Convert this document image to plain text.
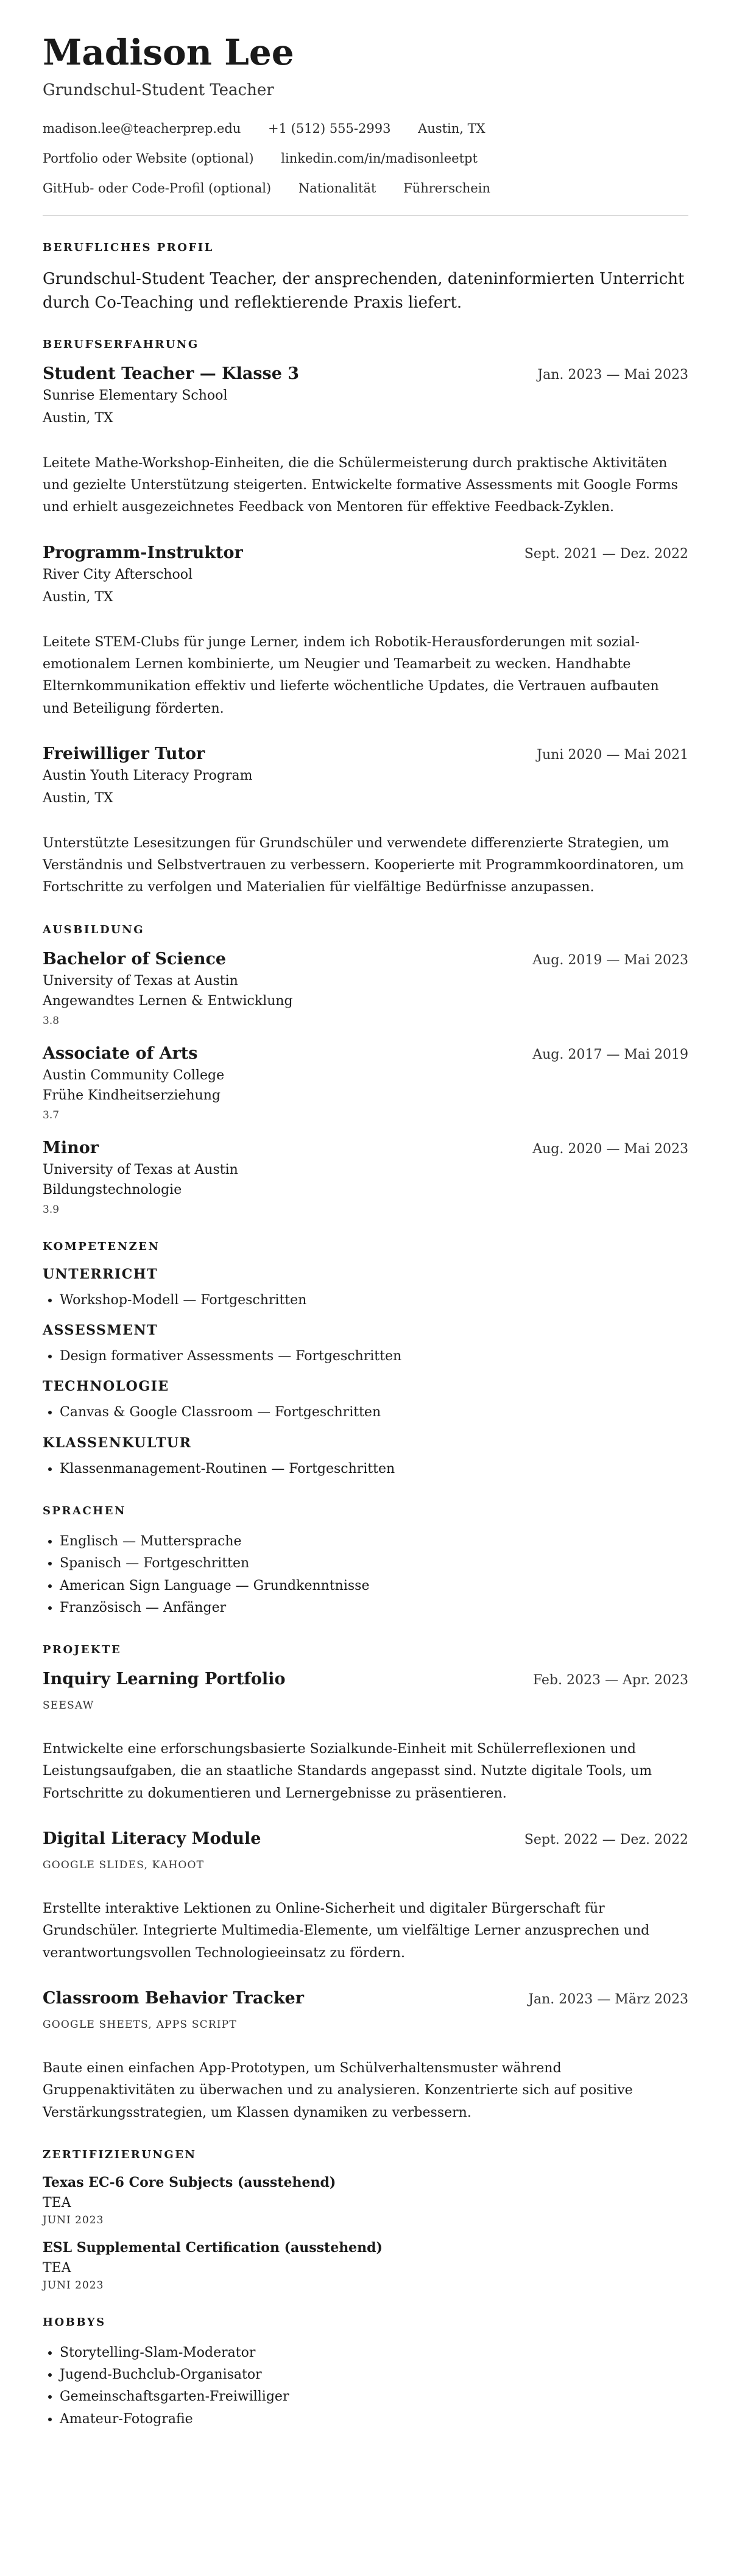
Madison Lee
Grundschul-Student Teacher
madison.lee@teacherprep.edu +1 (512) 555-2993 Austin, TX
Portfolio oder Website (optional) linkedin.com/in/madisonleetpt
GitHub- oder Code-Profil (optional) Nationalität Führerschein
BERUFLICHES PROFIL
Grundschul-Student Teacher, der ansprechenden, dateninformierten Unterricht durch Co-Teaching und reflektierende Praxis liefert.
BERUFSERFAHRUNG
Student Teacher — Klasse 3	Jan. 2023 — Mai 2023
Sunrise Elementary School
Austin, TX
Leitete Mathe-Workshop-Einheiten, die die Schülermeisterung durch praktische Aktivitäten und gezielte Unterstützung steigerten. Entwickelte formative Assessments mit Google Forms und erhielt ausgezeichnetes Feedback von Mentoren für effektive Feedback-Zyklen.
Programm-Instruktor	Sept. 2021 — Dez. 2022
River City Afterschool
Austin, TX
Leitete STEM-Clubs für junge Lerner, indem ich Robotik-Herausforderungen mit sozial-emotionalem Lernen kombinierte, um Neugier und Teamarbeit zu wecken. Handhabte Elternkommunikation effektiv und lieferte wöchentliche Updates, die Vertrauen aufbauten und Beteiligung förderten.
Freiwilliger Tutor	Juni 2020 — Mai 2021
Austin Youth Literacy Program
Austin, TX
Unterstützte Lesesitzungen für Grundschüler und verwendete differenzierte Strategien, um Verständnis und Selbstvertrauen zu verbessern. Kooperierte mit Programmkoordinatoren, um Fortschritte zu verfolgen und Materialien für vielfältige Bedürfnisse anzupassen.
AUSBILDUNG
Bachelor of Science	Aug. 2019 — Mai 2023
University of Texas at Austin
Angewandtes Lernen & Entwicklung
3.8
Associate of Arts	Aug. 2017 — Mai 2019
Austin Community College
Frühe Kindheitserziehung
3.7
Minor	Aug. 2020 — Mai 2023
University of Texas at Austin
Bildungstechnologie
3.9
KOMPETENZEN
UNTERRICHT
• Workshop-Modell — Fortgeschritten
ASSESSMENT
• Design formativer Assessments — Fortgeschritten
TECHNOLOGIE
• Canvas & Google Classroom — Fortgeschritten
KLASSENKULTUR
• Klassenmanagement-Routinen — Fortgeschritten
SPRACHEN
• Englisch — Muttersprache
• Spanisch — Fortgeschritten
• American Sign Language — Grundkenntnisse
• Französisch — Anfänger
PROJEKTE
Inquiry Learning Portfolio	Feb. 2023 — Apr. 2023
SEESAW
Entwickelte eine erforschungsbasierte Sozialkunde-Einheit mit Schülerreflexionen und Leistungsaufgaben, die an staatliche Standards angepasst sind. Nutzte digitale Tools, um Fortschritte zu dokumentieren und Lernergebnisse zu präsentieren.
Digital Literacy Module	Sept. 2022 — Dez. 2022
GOOGLE SLIDES, KAHOOT
Erstellte interaktive Lektionen zu Online-Sicherheit und digitaler Bürgerschaft für Grundschüler. Integrierte Multimedia-Elemente, um vielfältige Lerner anzusprechen und verantwortungsvollen Technologieeinsatz zu fördern.
Classroom Behavior Tracker	Jan. 2023 — März 2023
GOOGLE SHEETS, APPS SCRIPT
Baute einen einfachen App-Prototypen, um Schülverhaltensmuster während Gruppenaktivitäten zu überwachen und zu analysieren. Konzentrierte sich auf positive Verstärkungsstrategien, um Klassen dynamiken zu verbessern.
ZERTIFIZIERUNGEN
Texas EC-6 Core Subjects (ausstehend)
TEA
JUNI 2023
ESL Supplemental Certification (ausstehend)
TEA
JUNI 2023
HOBBYS
• Storytelling-Slam-Moderator
• Jugend-Buchclub-Organisator
• Gemeinschaftsgarten-Freiwilliger
• Amateur-Fotografie
